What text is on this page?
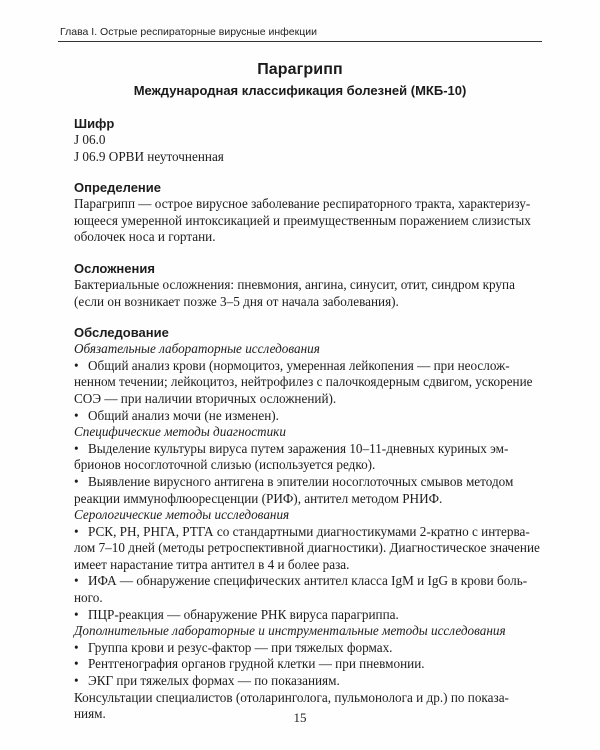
Глава I. Острые респираторные вирусные инфекции
Парагрипп
Международная классификация болезней (МКБ-10)
Шифр
J 06.0
J 06.9 ОРВИ неуточненная
Определение
Парагрипп — острое вирусное заболевание респираторного тракта, характеризу-
ющееся умеренной интоксикацией и преимущественным поражением слизистых
оболочек носа и гортани.
Осложнения
Бактериальные осложнения: пневмония, ангина, синусит, отит, синдром крупа
(если он возникает позже 3–5 дня от начала заболевания).
Обследование
Обязательные лабораторные исследования
• Общий анализ крови (нормоцитоз, умеренная лейкопения — при неослож-
ненном течении; лейкоцитоз, нейтрофилез с палочкоядерным сдвигом, ускорение
СОЭ — при наличии вторичных осложнений).
• Общий анализ мочи (не изменен).
Специфические методы диагностики
• Выделение культуры вируса путем заражения 10–11-дневных куриных эм-
брионов носоглоточной слизью (используется редко).
• Выявление вирусного антигена в эпителии носоглоточных смывов методом
реакции иммунофлюоресценции (РИФ), антител методом РНИФ.
Серологические методы исследования
• РСК, РН, РНГА, РТГА со стандартными диагностикумами 2-кратно с интерва-
лом 7–10 дней (методы ретроспективной диагностики). Диагностическое значение
имеет нарастание титра антител в 4 и более раза.
• ИФА — обнаружение специфических антител класса IgM и IgG в крови боль-
ного.
• ПЦР-реакция — обнаружение РНК вируса парагриппа.
Дополнительные лабораторные и инструментальные методы исследования
• Группа крови и резус-фактор — при тяжелых формах.
• Рентгенография органов грудной клетки — при пневмонии.
• ЭКГ при тяжелых формах — по показаниям.
Консультации специалистов (отоларинголога, пульмонолога и др.) по показа-
ниям.	15
